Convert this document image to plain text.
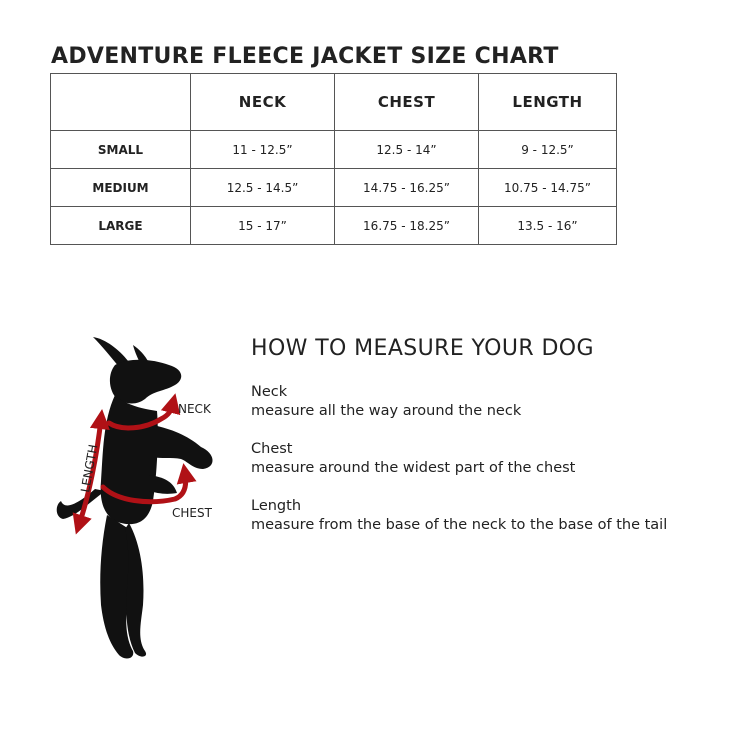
ADVENTURE FLEECE JACKET SIZE CHART
	NECK	CHEST	LENGTH
SMALL	11 - 12.5”	12.5 - 14”	9 - 12.5”
MEDIUM	12.5 - 14.5”	14.75 - 16.25”	10.75 - 14.75”
LARGE	15 - 17”	16.75 - 18.25”	13.5 - 16”
NECK
CHEST
LENGTH
HOW TO MEASURE YOUR DOG
Neck
measure all the way around the neck
Chest
measure around the widest part of the chest
Length
measure from the base of the neck to the base of the tail
